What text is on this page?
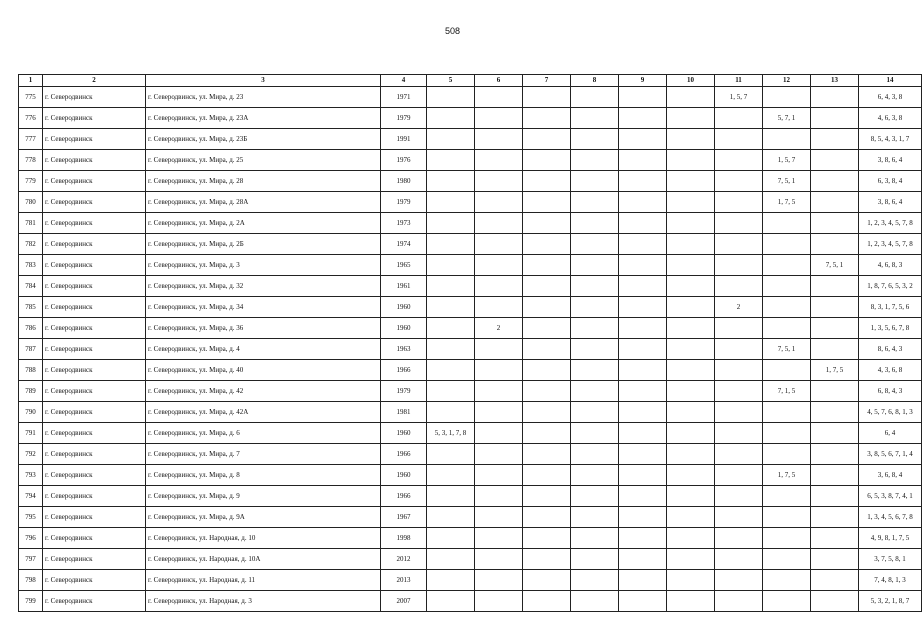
508
1	2	3	4	5	6	7	8	9	10	11	12	13	14
775	г. Северодвинск	г. Северодвинск, ул. Мира, д. 23	1971							1, 5, 7			6, 4, 3, 8
776	г. Северодвинск	г. Северодвинск, ул. Мира, д. 23А	1979								5, 7, 1		4, 6, 3, 8
777	г. Северодвинск	г. Северодвинск, ул. Мира, д. 23Б	1991										8, 5, 4, 3, 1, 7
778	г. Северодвинск	г. Северодвинск, ул. Мира, д. 25	1976								1, 5, 7		3, 8, 6, 4
779	г. Северодвинск	г. Северодвинск, ул. Мира, д. 28	1980								7, 5, 1		6, 3, 8, 4
780	г. Северодвинск	г. Северодвинск, ул. Мира, д. 28А	1979								1, 7, 5		3, 8, 6, 4
781	г. Северодвинск	г. Северодвинск, ул. Мира, д. 2А	1973										1, 2, 3, 4, 5, 7, 8
782	г. Северодвинск	г. Северодвинск, ул. Мира, д. 2Б	1974										1, 2, 3, 4, 5, 7, 8
783	г. Северодвинск	г. Северодвинск, ул. Мира, д. 3	1965									7, 5, 1	4, 6, 8, 3
784	г. Северодвинск	г. Северодвинск, ул. Мира, д. 32	1961										1, 8, 7, 6, 5, 3, 2
785	г. Северодвинск	г. Северодвинск, ул. Мира, д. 34	1960							2			8, 3, 1, 7, 5, 6
786	г. Северодвинск	г. Северодвинск, ул. Мира, д. 36	1960		2								1, 3, 5, 6, 7, 8
787	г. Северодвинск	г. Северодвинск, ул. Мира, д. 4	1963								7, 5, 1		8, 6, 4, 3
788	г. Северодвинск	г. Северодвинск, ул. Мира, д. 40	1966									1, 7, 5	4, 3, 6, 8
789	г. Северодвинск	г. Северодвинск, ул. Мира, д. 42	1979								7, 1, 5		6, 8, 4, 3
790	г. Северодвинск	г. Северодвинск, ул. Мира, д. 42А	1981										4, 5, 7, 6, 8, 1, 3
791	г. Северодвинск	г. Северодвинск, ул. Мира, д. 6	1960	5, 3, 1, 7, 8									6, 4
792	г. Северодвинск	г. Северодвинск, ул. Мира, д. 7	1966										3, 8, 5, 6, 7, 1, 4
793	г. Северодвинск	г. Северодвинск, ул. Мира, д. 8	1960								1, 7, 5		3, 6, 8, 4
794	г. Северодвинск	г. Северодвинск, ул. Мира, д. 9	1966										6, 5, 3, 8, 7, 4, 1
795	г. Северодвинск	г. Северодвинск, ул. Мира, д. 9А	1967										1, 3, 4, 5, 6, 7, 8
796	г. Северодвинск	г. Северодвинск, ул. Народная, д. 10	1998										4, 9, 8, 1, 7, 5
797	г. Северодвинск	г. Северодвинск, ул. Народная, д. 10А	2012										3, 7, 5, 8, 1
798	г. Северодвинск	г. Северодвинск, ул. Народная, д. 11	2013										7, 4, 8, 1, 3
799	г. Северодвинск	г. Северодвинск, ул. Народная, д. 3	2007										5, 3, 2, 1, 8, 7
